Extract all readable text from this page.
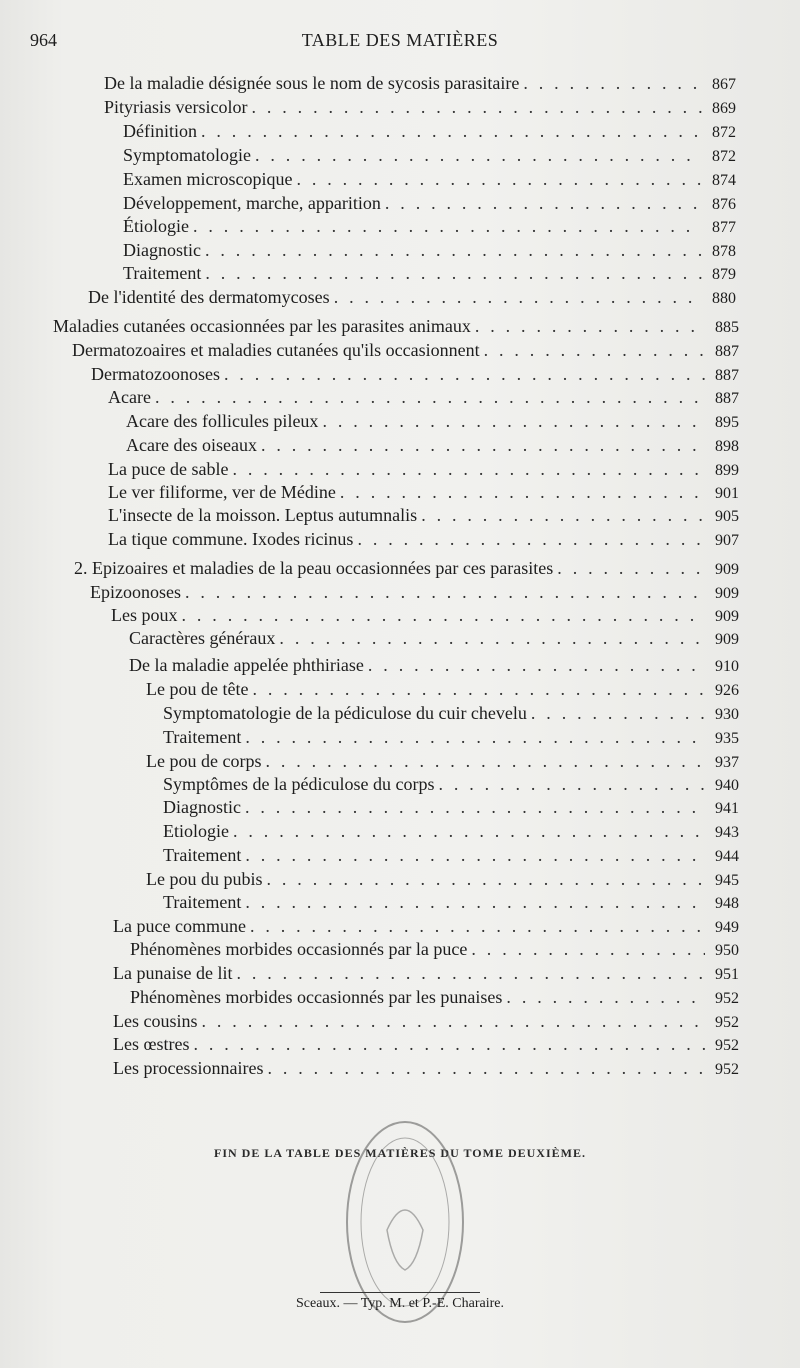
964	TABLE DES MATIÈRES
De la maladie désignée sous le nom de sycosis parasitaire . . .	867
Pityriasis versicolor . . .	869
Définition . . .	872
Symptomatologie . . .	872
Examen microscopique . . .	874
Développement, marche, apparition . . .	876
Étiologie . . .	877
Diagnostic . . .	878
Traitement . . .	879
De l'identité des dermatomycoses . . .	880
Maladies cutanées occasionnées par les parasites animaux . . .	885
Dermatozoaires et maladies cutanées qu'ils occasionnent . . .	887
Dermatozoonoses . . .	887
Acare . . .	887
Acare des follicules pileux . . .	895
Acare des oiseaux . . .	898
La puce de sable . . .	899
Le ver filiforme, ver de Médine . . .	901
L'insecte de la moisson. Leptus autumnalis . . .	905
La tique commune. Ixodes ricinus . . .	907
2. Epizoaires et maladies de la peau occasionnées par ces parasites . . .	909
Epizoonoses . . .	909
Les poux . . .	909
Caractères généraux . . .	909
De la maladie appelée phthiriase . . .	910
Le pou de tête . . .	926
Symptomatologie de la pédiculose du cuir chevelu . . .	930
Traitement . . .	935
Le pou de corps . . .	937
Symptômes de la pédiculose du corps . . .	940
Diagnostic . . .	941
Etiologie . . .	943
Traitement . . .	944
Le pou du pubis . . .	945
Traitement . . .	948
La puce commune . . .	949
Phénomènes morbides occasionnés par la puce . . .	950
La punaise de lit . . .	951
Phénomènes morbides occasionnés par les punaises . . .	952
Les cousins . . .	952
Les œstres . . .	952
Les processionnaires . . .	952
FIN DE LA TABLE DES MATIÈRES DU TOME DEUXIÈME.
Sceaux. — Typ. M. et P.-E. Charaire.
